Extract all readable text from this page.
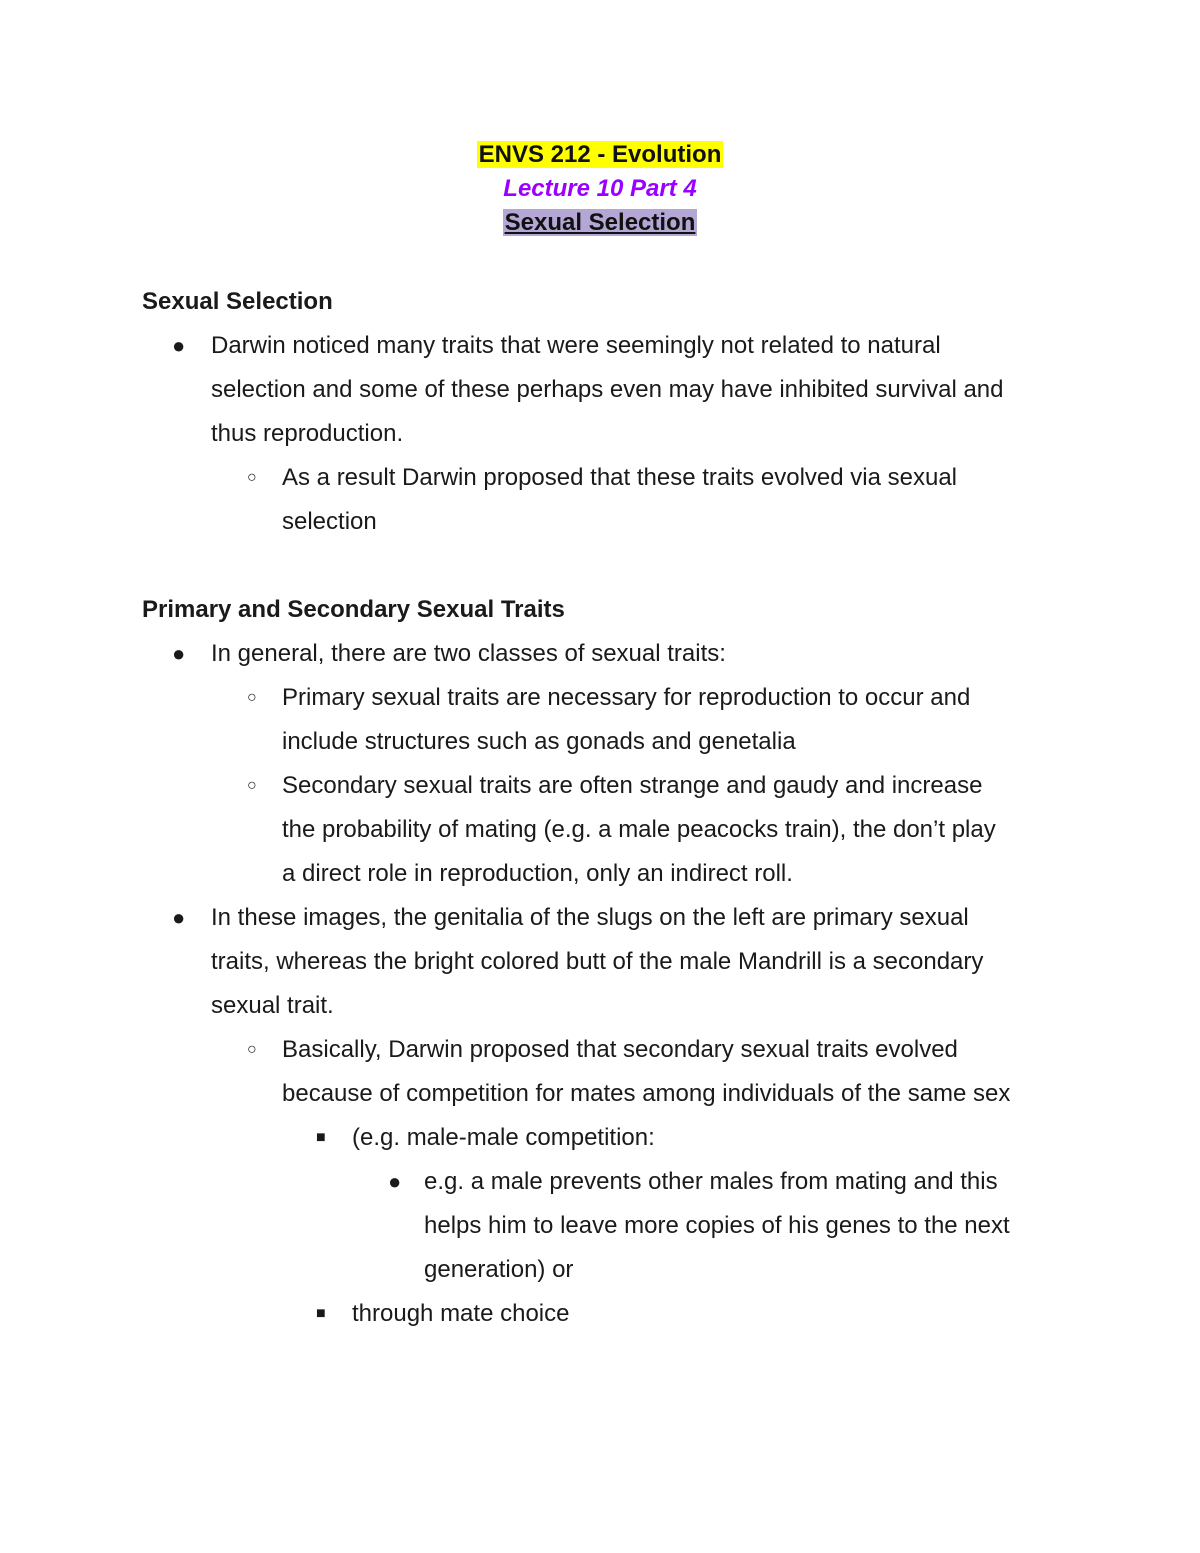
ENVS 212 - Evolution
Lecture 10 Part 4
Sexual Selection
Sexual Selection
● Darwin noticed many traits that were seemingly not related to natural
selection and some of these perhaps even may have inhibited survival and
thus reproduction.
○ As a result Darwin proposed that these traits evolved via sexual
selection
Primary and Secondary Sexual Traits
● In general, there are two classes of sexual traits:
○ Primary sexual traits are necessary for reproduction to occur and
include structures such as gonads and genetalia
○ Secondary sexual traits are often strange and gaudy and increase
the probability of mating (e.g. a male peacocks train), the don’t play
a direct role in reproduction, only an indirect roll.
● In these images, the genitalia of the slugs on the left are primary sexual
traits, whereas the bright colored butt of the male Mandrill is a secondary
sexual trait.
○ Basically, Darwin proposed that secondary sexual traits evolved
because of competition for mates among individuals of the same sex
■ (e.g. male-male competition:
● e.g. a male prevents other males from mating and this
helps him to leave more copies of his genes to the next
generation) or
■ through mate choice
